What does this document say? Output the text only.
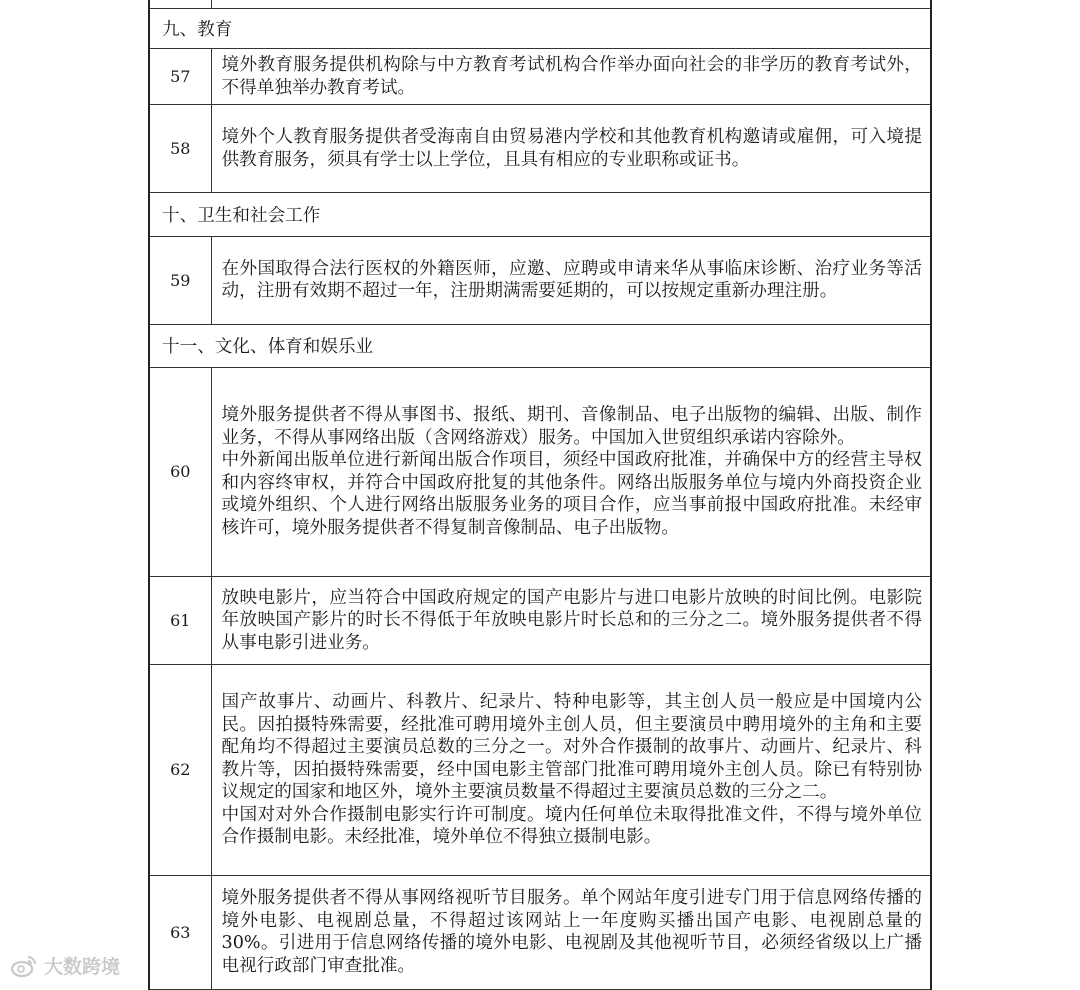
九、教育	
57	境外教育服务提供机构除与中方教育考试机构合作举办面向社会的非学历的教育考试外，不得单独举办教育考试。

58	境外个人教育服务提供者受海南自由贸易港内学校和其他教育机构邀请或雇佣，可入境提供教育服务，须具有学士以上学位，且具有相应的专业职称或证书。

十、卫生和社会工作	
59	在外国取得合法行医权的外籍医师，应邀、应聘或申请来华从事临床诊断、治疗业务等活动，注册有效期不超过一年，注册期满需要延期的，可以按规定重新办理注册。

十一、文化、体育和娱乐业	
60	境外服务提供者不得从事图书、报纸、期刊、音像制品、电子出版物的编辑、出版、制作业务，不得从事网络出版（含网络游戏）服务。中国加入世贸组织承诺内容除外。

中外新闻出版单位进行新闻出版合作项目，须经中国政府批准，并确保中方的经营主导权和内容终审权，并符合中国政府批复的其他条件。网络出版服务单位与境内外商投资企业或境外组织、个人进行网络出版服务业务的项目合作，应当事前报中国政府批准。未经审核许可，境外服务提供者不得复制音像制品、电子出版物。

61	放映电影片，应当符合中国政府规定的国产电影片与进口电影片放映的时间比例。电影院年放映国产影片的时长不得低于年放映电影片时长总和的三分之二。境外服务提供者不得从事电影引进业务。

62	国产故事片、动画片、科教片、纪录片、特种电影等，其主创人员一般应是中国境内公民。因拍摄特殊需要，经批准可聘用境外主创人员，但主要演员中聘用境外的主角和主要配角均不得超过主要演员总数的三分之一。对外合作摄制的故事片、动画片、纪录片、科教片等，因拍摄特殊需要，经中国电影主管部门批准可聘用境外主创人员。除已有特别协议规定的国家和地区外，境外主要演员数量不得超过主要演员总数的三分之二。

中国对对外合作摄制电影实行许可制度。境内任何单位未取得批准文件，不得与境外单位合作摄制电影。未经批准，境外单位不得独立摄制电影。

63	境外服务提供者不得从事网络视听节目服务。单个网站年度引进专门用于信息网络传播的境外电影、电视剧总量，不得超过该网站上一年度购买播出国产电影、电视剧总量的30%。引进用于信息网络传播的境外电影、电视剧及其他视听节目，必须经省级以上广播电视行政部门审查批准。

大数跨境
